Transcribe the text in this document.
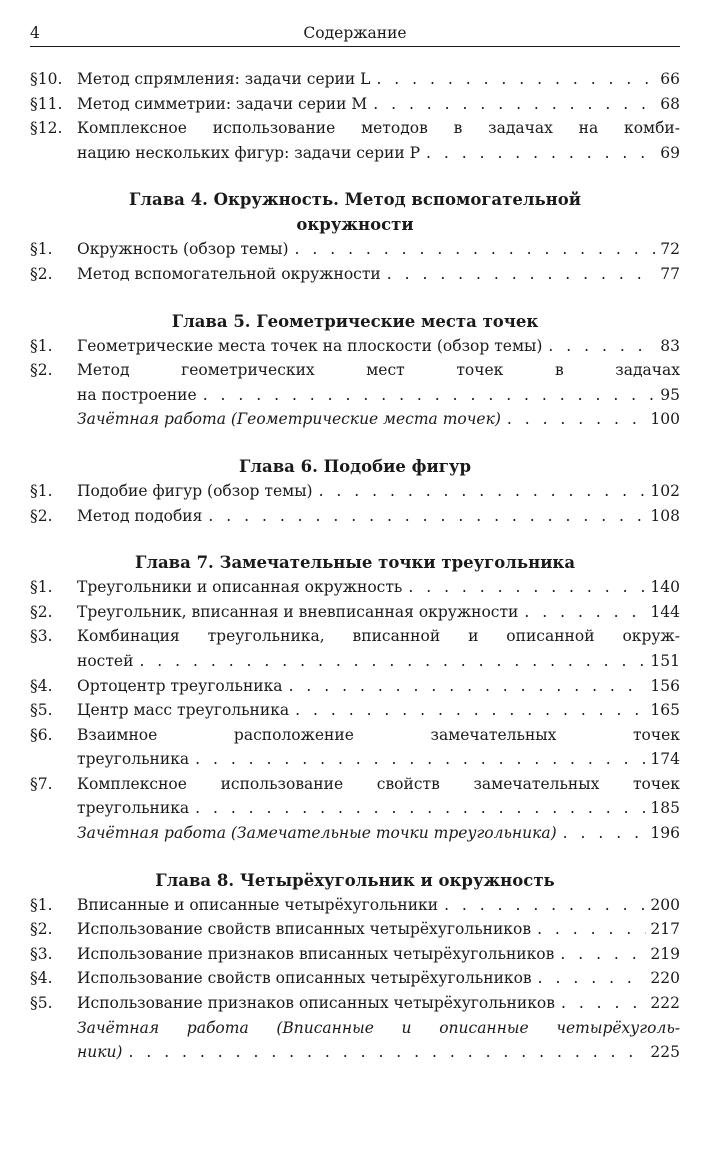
4	Содержание
§10. Метод спрямления: задачи серии L . . .	66
§11. Метод симметрии: задачи серии M . . .	68
§12. Комплексное использование методов в задачах на комби-
нацию нескольких фигур: задачи серии P . . .	69
Глава 4. Окружность. Метод вспомогательной
окружности
§1. Окружность (обзор темы) . . .	72
§2. Метод вспомогательной окружности . . .	77
Глава 5. Геометрические места точек
§1. Геометрические места точек на плоскости (обзор темы) . . .	83
§2. Метод геометрических мест точек в задачах
на построение . . .	95
Зачётная работа (Геометрические места точек) . . .	100
Глава 6. Подобие фигур
§1. Подобие фигур (обзор темы) . . .	102
§2. Метод подобия . . .	108
Глава 7. Замечательные точки треугольника
§1. Треугольники и описанная окружность . . .	140
§2. Треугольник, вписанная и вневписанная окружности . . .	144
§3. Комбинация треугольника, вписанной и описанной окруж-
ностей . . .	151
§4. Ортоцентр треугольника . . .	156
§5. Центр масс треугольника . . .	165
§6. Взаимное расположение замечательных точек
треугольника . . .	174
§7. Комплексное использование свойств замечательных точек
треугольника . . .	185
Зачётная работа (Замечательные точки треугольника) . . .	196
Глава 8. Четырёхугольник и окружность
§1. Вписанные и описанные четырёхугольники . . .	200
§2. Использование свойств вписанных четырёхугольников . . .	217
§3. Использование признаков вписанных четырёхугольников . . .	219
§4. Использование свойств описанных четырёхугольников . . .	220
§5. Использование признаков описанных четырёхугольников . . .	222
Зачётная работа (Вписанные и описанные четырёхуголь-
ники) . . .	225
